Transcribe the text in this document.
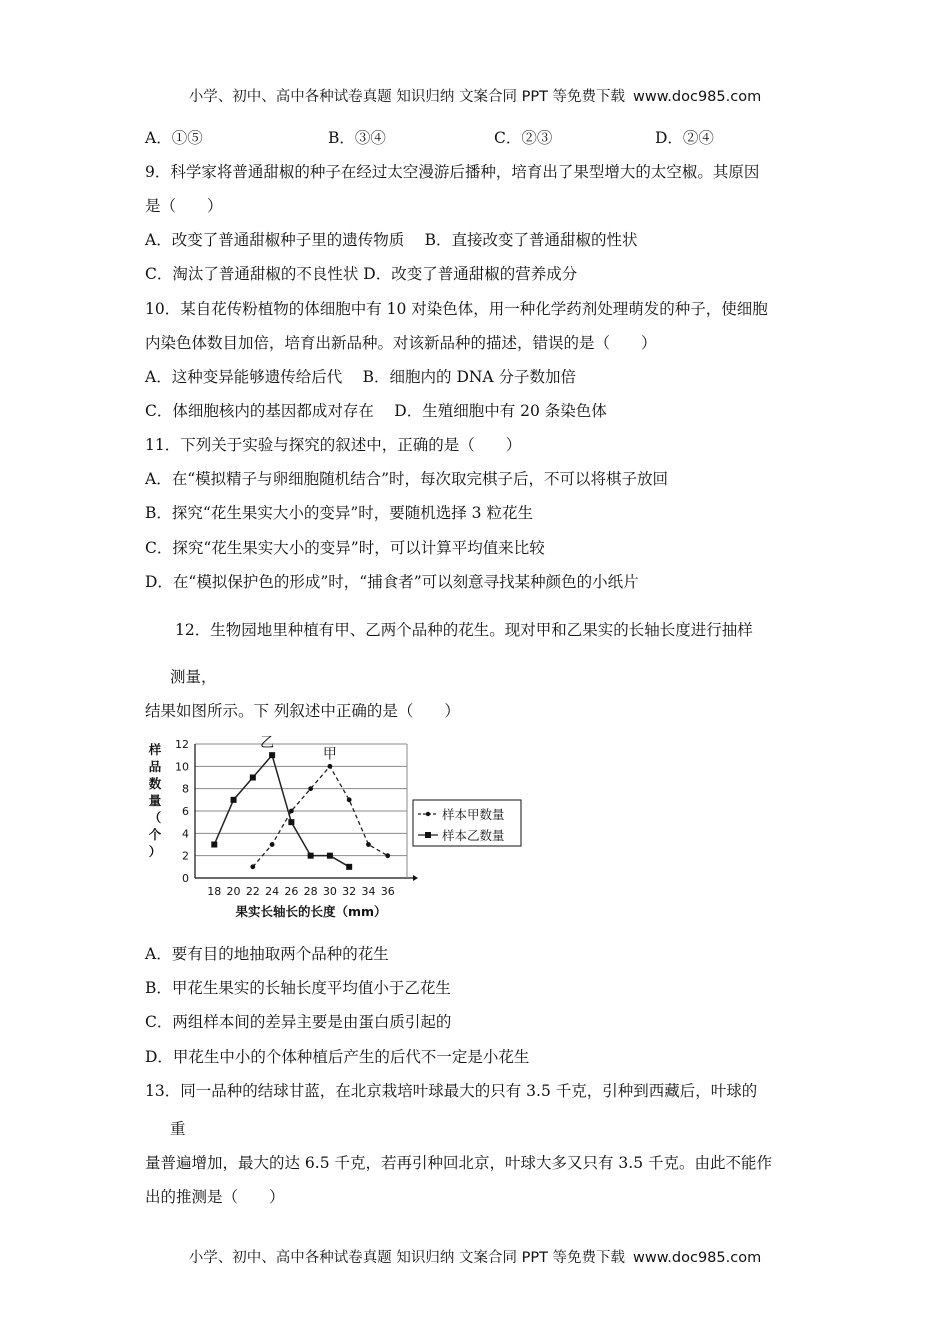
小学、初中、高中各种试卷真题 知识归纳 文案合同 PPT 等免费下载 www.doc985.com
A．①⑤	B．③④	C．②③	D．②④
9．科学家将普通甜椒的种子在经过太空漫游后播种，培育出了果型增大的太空椒。其原因
是（　　）
A．改变了普通甜椒种子里的遗传物质　 B．直接改变了普通甜椒的性状
C．淘汰了普通甜椒的不良性状 D．改变了普通甜椒的营养成分
10．某自花传粉植物的体细胞中有 10 对染色体，用一种化学药剂处理萌发的种子，使细胞
内染色体数目加倍，培育出新品种。对该新品种的描述，错误的是（　　）
A．这种变异能够遗传给后代　 B．细胞内的 DNA 分子数加倍
C．体细胞核内的基因都成对存在　 D．生殖细胞中有 20 条染色体
11．下列关于实验与探究的叙述中，正确的是（　　）
A．在“模拟精子与卵细胞随机结合”时，每次取完棋子后，不可以将棋子放回
B．探究“花生果实大小的变异”时，要随机选择 3 粒花生
C．探究“花生果实大小的变异”时，可以计算平均值来比较
D．在“模拟保护色的形成”时，“捕食者”可以刻意寻找某种颜色的小纸片
12．生物园地里种植有甲、乙两个品种的花生。现对甲和乙果实的长轴长度进行抽样
测量，
结果如图所示。下 列叙述中正确的是（　　）
0
2
4
6
8
10
12
18 20 22 24 26 28 30 32 34 36
样
品
数
量
（
个
）
果实长轴长的长度（mm）
甲
乙
样本甲数量
样本乙数量
A．要有目的地抽取两个品种的花生
B．甲花生果实的长轴长度平均值小于乙花生
C．两组样本间的差异主要是由蛋白质引起的
D．甲花生中小的个体种植后产生的后代不一定是小花生
13．同一品种的结球甘蓝，在北京栽培叶球最大的只有 3.5 千克，引种到西藏后，叶球的
重
量普遍增加，最大的达 6.5 千克，若再引种回北京，叶球大多又只有 3.5 千克。由此不能作
出的推测是（　　）
小学、初中、高中各种试卷真题 知识归纳 文案合同 PPT 等免费下载 www.doc985.com
